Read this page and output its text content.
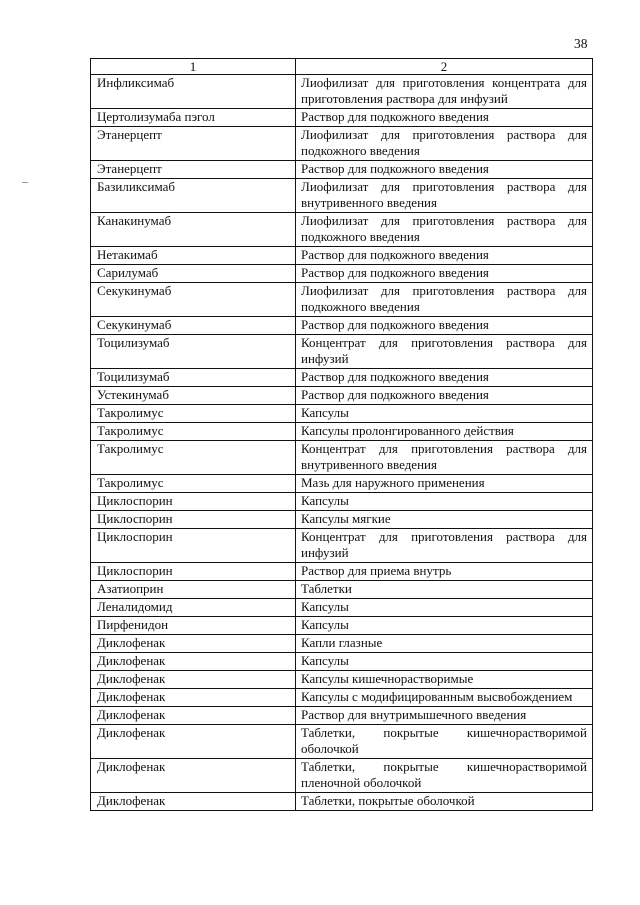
38
1	2
Инфликсимаб	Лиофилизат для приготовления концентрата для приготовления раствора для инфузий
Цертолизумаба пэгол	Раствор для подкожного введения
Этанерцепт	Лиофилизат для приготовления раствора для подкожного введения
Этанерцепт	Раствор для подкожного введения
Базиликсимаб	Лиофилизат для приготовления раствора для внутривенного введения
Канакинумаб	Лиофилизат для приготовления раствора для подкожного введения
Нетакимаб	Раствор для подкожного введения
Сарилумаб	Раствор для подкожного введения
Секукинумаб	Лиофилизат для приготовления раствора для подкожного введения
Секукинумаб	Раствор для подкожного введения
Тоцилизумаб	Концентрат для приготовления раствора для инфузий
Тоцилизумаб	Раствор для подкожного введения
Устекинумаб	Раствор для подкожного введения
Такролимус	Капсулы
Такролимус	Капсулы пролонгированного действия
Такролимус	Концентрат для приготовления раствора для внутривенного введения
Такролимус	Мазь для наружного применения
Циклоспорин	Капсулы
Циклоспорин	Капсулы мягкие
Циклоспорин	Концентрат для приготовления раствора для инфузий
Циклоспорин	Раствор для приема внутрь
Азатиоприн	Таблетки
Леналидомид	Капсулы
Пирфенидон	Капсулы
Диклофенак	Капли глазные
Диклофенак	Капсулы
Диклофенак	Капсулы кишечнорастворимые
Диклофенак	Капсулы с модифицированным высвобождением
Диклофенак	Раствор для внутримышечного введения
Диклофенак	Таблетки, покрытые кишечнорастворимой оболочкой
Диклофенак	Таблетки, покрытые кишечнорастворимой пленочной оболочкой
Диклофенак	Таблетки, покрытые оболочкой
